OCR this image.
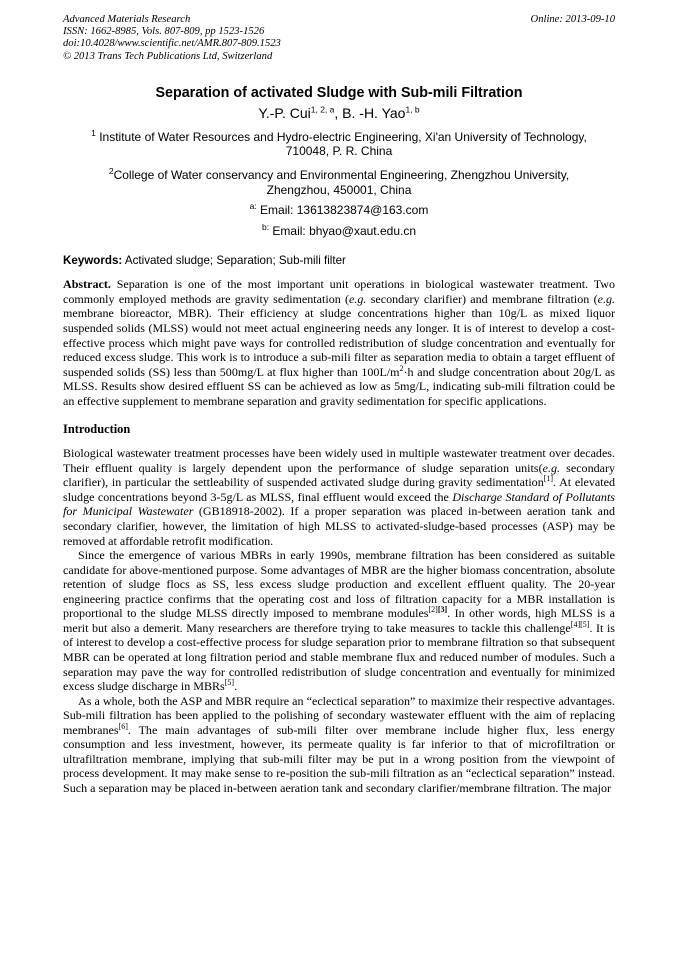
Advanced Materials Research
ISSN: 1662-8985, Vols. 807-809, pp 1523-1526
doi:10.4028/www.scientific.net/AMR.807-809.1523
© 2013 Trans Tech Publications Ltd, Switzerland
Online: 2013-09-10
Separation of activated Sludge with Sub-mili Filtration
Y.-P. Cui$^{1, 2, a}$, B. -H. Yao$^{1, b}$
$^1$ Institute of Water Resources and Hydro-electric Engineering, Xi'an University of Technology,
710048, P. R. China
$^2$College of Water conservancy and Environmental Engineering, Zhengzhou University,
Zhengzhou, 450001, China
$^{a:}$ Email: 13613823874@163.com
$^{b:}$ Email: bhyao@xaut.edu.cn
Keywords: Activated sludge; Separation; Sub-mili filter

Abstract. Separation is one of the most important unit operations in biological wastewater treatment. Two commonly employed methods are gravity sedimentation (e.g. secondary clarifier) and membrane filtration (e.g. membrane bioreactor, MBR). Their efficiency at sludge concentrations higher than 10g/L as mixed liquor suspended solids (MLSS) would not meet actual engineering needs any longer. It is of interest to develop a cost-effective process which might pave ways for controlled redistribution of sludge concentration and eventually for reduced excess sludge. This work is to introduce a sub-mili filter as separation media to obtain a target effluent of suspended solids (SS) less than 500mg/L at flux higher than $100L/m^2\cdot h$ and sludge concentration about 20g/L as MLSS. Results show desired effluent SS can be achieved as low as 5mg/L, indicating sub-mili filtration could be an effective supplement to membrane separation and gravity sedimentation for specific applications.

Introduction

Biological wastewater treatment processes have been widely used in multiple wastewater treatment over decades. Their effluent quality is largely dependent upon the performance of sludge separation units(e.g. secondary clarifier), in particular the settleability of suspended activated sludge during gravity sedimentation[1]. At elevated sludge concentrations beyond 3-5g/L as MLSS, final effluent would exceed the Discharge Standard of Pollutants for Municipal Wastewater (GB18918-2002). If a proper separation was placed in-between aeration tank and secondary clarifier, however, the limitation of high MLSS to activated-sludge-based processes (ASP) may be removed at affordable retrofit modification.

Since the emergence of various MBRs in early 1990s, membrane filtration has been considered as suitable candidate for above-mentioned purpose. Some advantages of MBR are the higher biomass concentration, absolute retention of sludge flocs as SS, less excess sludge production and excellent effluent quality. The 20-year engineering practice confirms that the operating cost and loss of filtration capacity for a MBR installation is proportional to the sludge MLSS directly imposed to membrane modules[2][3]. In other words, high MLSS is a merit but also a demerit. Many researchers are therefore trying to take measures to tackle this challenge[4][5]. It is of interest to develop a cost-effective process for sludge separation prior to membrane filtration so that subsequent MBR can be operated at long filtration period and stable membrane flux and reduced number of modules. Such a separation may pave the way for controlled redistribution of sludge concentration and eventually for minimized excess sludge discharge in MBRs[5].

As a whole, both the ASP and MBR require an “eclectical separation” to maximize their respective advantages. Sub-mili filtration has been applied to the polishing of secondary wastewater effluent with the aim of replacing membranes[6]. The main advantages of sub-mili filter over membrane include higher flux, less energy consumption and less investment, however, its permeate quality is far inferior to that of microfiltration or ultrafiltration membrane, implying that sub-mili filter may be put in a wrong position from the viewpoint of process development. It may make sense to re-position the sub-mili filtration as an “eclectical separation” instead. Such a separation may be placed in-between aeration tank and secondary clarifier/membrane filtration. The major
